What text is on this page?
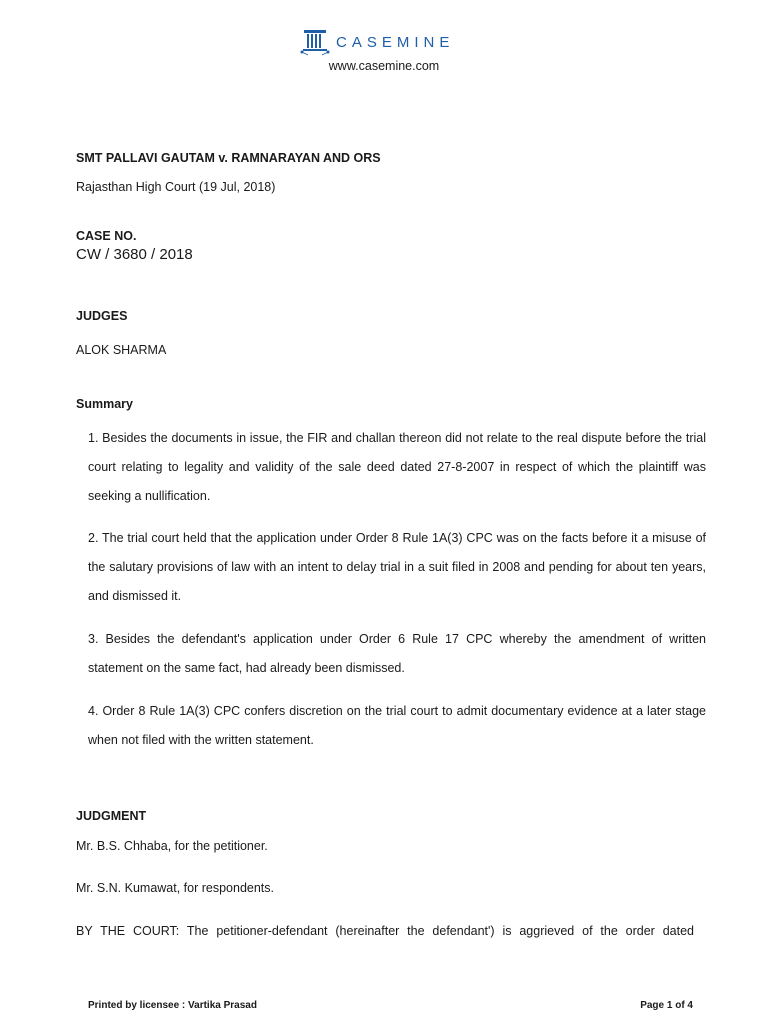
CASEMINE
www.casemine.com
SMT PALLAVI GAUTAM v. RAMNARAYAN AND ORS
Rajasthan High Court (19 Jul, 2018)
CASE NO.
CW / 3680 / 2018
JUDGES
ALOK SHARMA
Summary

1. Besides the documents in issue, the FIR and challan thereon did not relate to the real dispute before the trial court relating to legality and validity of the sale deed dated 27-8-2007 in respect of which the plaintiff was seeking a nullification.

2. The trial court held that the application under Order 8 Rule 1A(3) CPC was on the facts before it a misuse of the salutary provisions of law with an intent to delay trial in a suit filed in 2008 and pending for about ten years, and dismissed it.

3. Besides the defendant's application under Order 6 Rule 17 CPC whereby the amendment of written statement on the same fact, had already been dismissed.

4. Order 8 Rule 1A(3) CPC confers discretion on the trial court to admit documentary evidence at a later stage when not filed with the written statement.

JUDGMENT
Mr. B.S. Chhaba, for the petitioner.
Mr. S.N. Kumawat, for respondents.
BY THE COURT: The petitioner-defendant (hereinafter the defendant') is aggrieved of the order dated
Printed by licensee : Vartika Prasad	Page 1 of 4
